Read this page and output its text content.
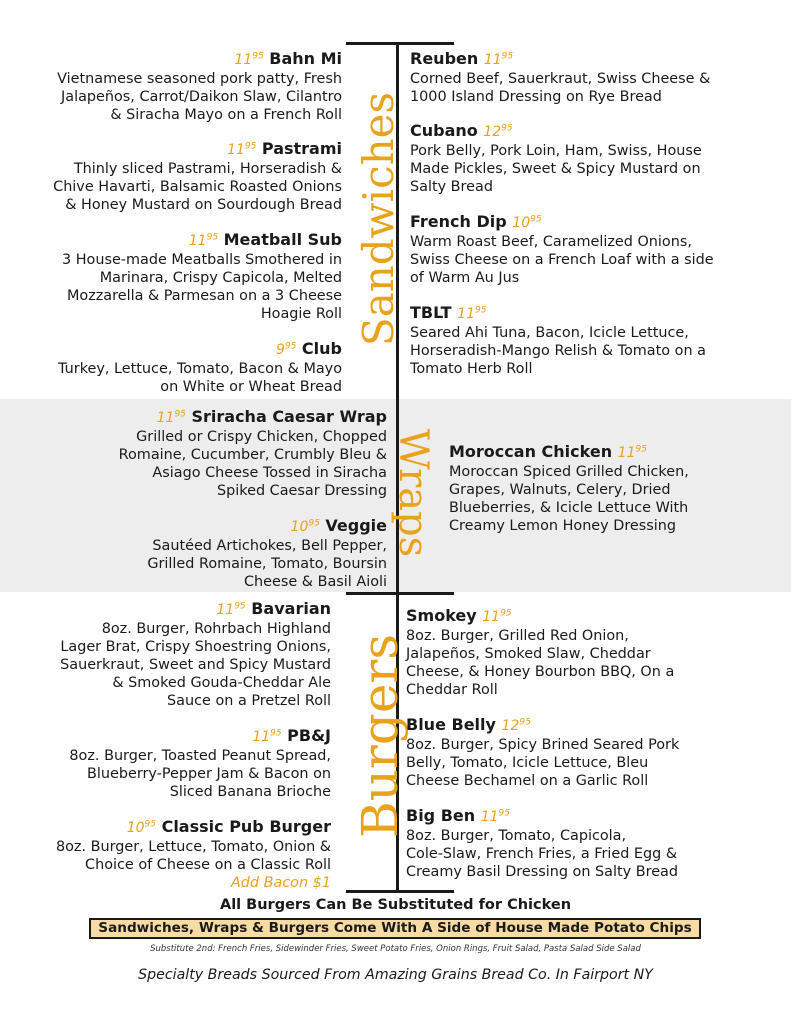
Sandwiches
Wraps
Burgers
$11^{95}$ Bahn Mi
Vietnamese seasoned pork patty, Fresh
Jalapeños, Carrot/Daikon Slaw, Cilantro
& Siracha Mayo on a French Roll
$11^{95}$ Pastrami
Thinly sliced Pastrami, Horseradish &
Chive Havarti, Balsamic Roasted Onions
& Honey Mustard on Sourdough Bread
$11^{95}$ Meatball Sub
3 House-made Meatballs Smothered in
Marinara, Crispy Capicola, Melted
Mozzarella & Parmesan on a 3 Cheese
Hoagie Roll
$9^{95}$ Club
Turkey, Lettuce, Tomato, Bacon & Mayo
on White or Wheat Bread
Reuben $11^{95}$
Corned Beef, Sauerkraut, Swiss Cheese &
1000 Island Dressing on Rye Bread
Cubano $12^{95}$
Pork Belly, Pork Loin, Ham, Swiss, House
Made Pickles, Sweet & Spicy Mustard on
Salty Bread
French Dip $10^{95}$
Warm Roast Beef, Caramelized Onions,
Swiss Cheese on a French Loaf with a side
of Warm Au Jus
TBLT $11^{95}$
Seared Ahi Tuna, Bacon, Icicle Lettuce,
Horseradish-Mango Relish & Tomato on a
Tomato Herb Roll
$11^{95}$ Sriracha Caesar Wrap
Grilled or Crispy Chicken, Chopped
Romaine, Cucumber, Crumbly Bleu &
Asiago Cheese Tossed in Siracha
Spiked Caesar Dressing
$10^{95}$ Veggie
Sautéed Artichokes, Bell Pepper,
Grilled Romaine, Tomato, Boursin
Cheese & Basil Aioli
Moroccan Chicken $11^{95}$
Moroccan Spiced Grilled Chicken,
Grapes, Walnuts, Celery, Dried
Blueberries, & Icicle Lettuce With
Creamy Lemon Honey Dressing
$11^{95}$ Bavarian
8oz. Burger, Rohrbach Highland
Lager Brat, Crispy Shoestring Onions,
Sauerkraut, Sweet and Spicy Mustard
& Smoked Gouda-Cheddar Ale
Sauce on a Pretzel Roll
$11^{95}$ PB&J
8oz. Burger, Toasted Peanut Spread,
Blueberry-Pepper Jam & Bacon on
Sliced Banana Brioche
$10^{95}$ Classic Pub Burger
8oz. Burger, Lettuce, Tomato, Onion &
Choice of Cheese on a Classic Roll
Add Bacon $1
Smokey $11^{95}$
8oz. Burger, Grilled Red Onion,
Jalapeños, Smoked Slaw, Cheddar
Cheese, & Honey Bourbon BBQ, On a
Cheddar Roll
Blue Belly $12^{95}$
8oz. Burger, Spicy Brined Seared Pork
Belly, Tomato, Icicle Lettuce, Bleu
Cheese Bechamel on a Garlic Roll
Big Ben $11^{95}$
8oz. Burger, Tomato, Capicola,
Cole-Slaw, French Fries, a Fried Egg &
Creamy Basil Dressing on Salty Bread
All Burgers Can Be Substituted for Chicken
Sandwiches, Wraps & Burgers Come With A Side of House Made Potato Chips
Substitute 2nd: French Fries, Sidewinder Fries, Sweet Potato Fries, Onion Rings, Fruit Salad, Pasta Salad Side Salad
Specialty Breads Sourced From Amazing Grains Bread Co. In Fairport NY
